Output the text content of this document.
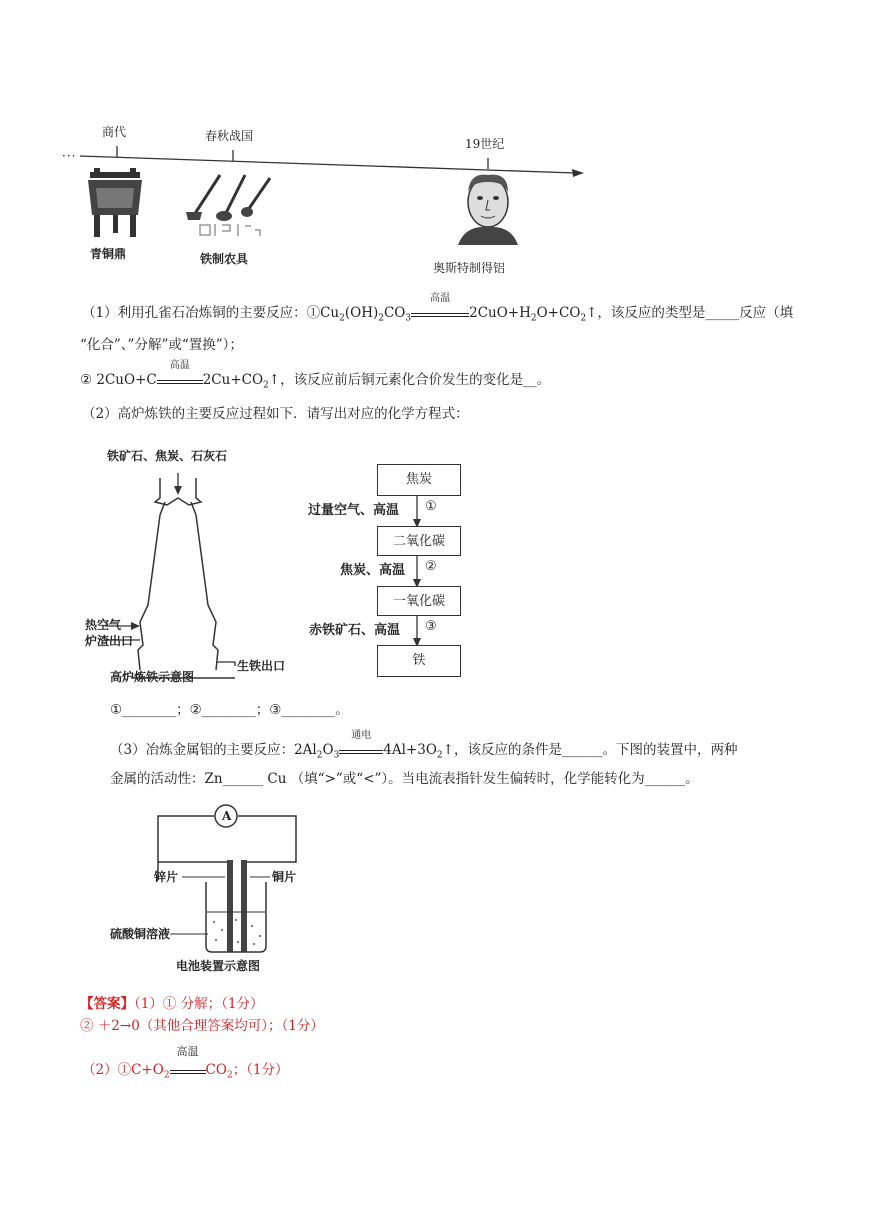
商代	春秋战国
19世纪
···
青铜鼎	铁制农具
奥斯特制得铝
（1）利用孔雀石冶炼铜的主要反应：$①Cu_2(OH)_2CO_3$
高温
$2CuO+H_2O+CO_2↑$，该反应的类型是_____反应（填
“化合”、”分解”或“置换”）；
② 2CuO+C
高温
$2Cu+CO_2↑$，该反应前后铜元素化合价发生的变化是__。
（2）高炉炼铁的主要反应过程如下．请写出对应的化学方程式：
铁矿石、焦炭、石灰石
热空气
炉渣出口
生铁出口
高炉炼铁示意图
焦炭
二氧化碳
一氧化碳
铁
①
②
③
过量空气、高温
焦炭、高温
赤铁矿石、高温
①________；②________；③________。
（3）冶炼金属铝的主要反应：$2Al_2O_3$
通电
$4Al+3O_2↑$，该反应的条件是______。下图的装置中，两种
金属的活动性：Zn______ Cu （填“>”或“<”）。当电流表指针发生偏转时，化学能转化为______。
A
锌片	铜片
硫酸铜溶液
电池装置示意图
【答案】（1）① 分解；（1分）
② ＋2→0（其他合理答案均可）；（1分）
$(2)①C+O_2$
高温
$CO_2$；（1分）
